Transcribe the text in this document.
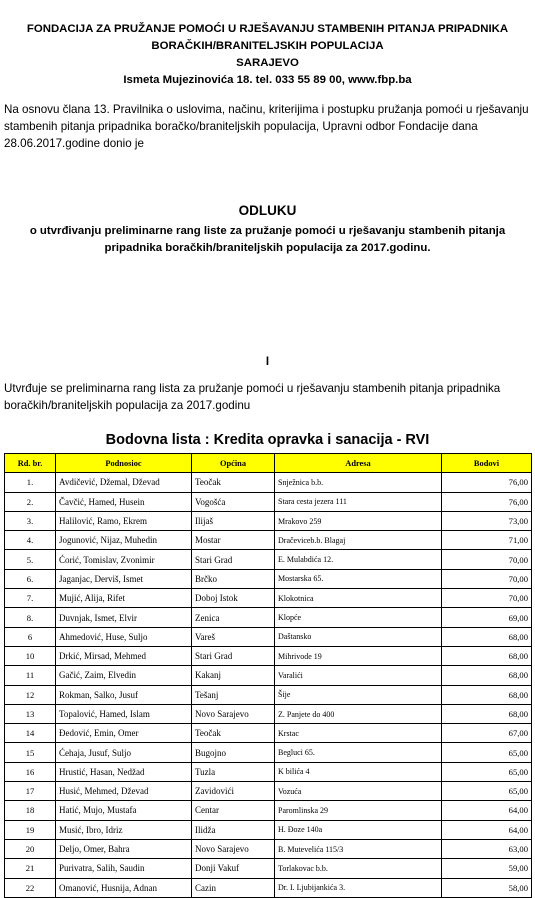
FONDACIJA ZA PRUŽANJE POMOĆI U RJEŠAVANJU STAMBENIH PITANJA PRIPADNIKA
BORAČKIH/BRANITELJSKIH POPULACIJA
SARAJEVO
Ismeta Mujezinovića 18. tel. 033 55 89 00, www.fbp.ba
Na osnovu člana 13. Pravilnika o uslovima, načinu, kriterijima i postupku pružanja pomoći u rješavanju stambenih pitanja pripadnika boračko/braniteljskih populacija, Upravni odbor Fondacije dana 28.06.2017.godine donio je
ODLUKU
o utvrđivanju preliminarne rang liste za pružanje pomoći u rješavanju stambenih pitanja
pripadnika boračkih/braniteljskih populacija za 2017.godinu.
I
Utvrđuje se preliminarna rang lista za pružanje pomoći u rješavanju stambenih pitanja pripadnika boračkih/braniteljskih populacija za 2017.godinu
Bodovna lista : Kredita opravka i sanacija - RVI
Rd. br.	Podnosioc	Općina	Adresa	Bodovi
1.	Avdičević, Džemal, Dževad	Teočak	Snježnica b.b.	76,00
2.	Čavčić, Hamed, Husein	Vogošća	Stara cesta jezera 111	76,00
3.	Halilović, Ramo, Ekrem	Ilijaš	Mrakovo 259	73,00
4.	Jogunović, Nijaz, Muhedin	Mostar	Dračeviceb.b. Blagaj	71,00
5.	Ćorić, Tomislav, Zvonimir	Stari Grad	E. Mulabdića 12.	70,00
6.	Jaganjac, Derviš, Ismet	Brčko	Mostarska 65.	70,00
7.	Mujić, Alija, Rifet	Doboj Istok	Klokotnica	70,00
8.	Duvnjak, Ismet, Elvir	Zenica	Klopće	69,00
6	Ahmedović, Huse, Suljo	Vareš	Daštansko	68,00
10	Drkić, Mirsad, Mehmed	Stari Grad	Mihrivode 19	68,00
11	Gačić, Zaim, Elvedin	Kakanj	Varalići	68,00
12	Rokman, Salko, Jusuf	Tešanj	Šije	68,00
13	Topalović, Hamed, Islam	Novo Sarajevo	Z. Panjete do 400	68,00
14	Đedović, Emin, Omer	Teočak	Krstac	67,00
15	Ćehaja, Jusuf, Suljo	Bugojno	Begluci 65.	65,00
16	Hrustić, Hasan, Nedžad	Tuzla	K bilića 4	65,00
17	Husić, Mehmed, Dževad	Zavidovići	Vozuća	65,00
18	Hatić, Mujo, Mustafa	Centar	Paromlinska 29	64,00
19	Musić, Ibro, Idriz	Ilidža	H. Đoze 140a	64,00
20	Deljo, Omer, Bahra	Novo Sarajevo	B. Mutevelića 115/3	63,00
21	Purivatra, Salih, Saudin	Donji Vakuf	Torlakovac b.b.	59,00
22	Omanović, Husnija, Adnan	Cazin	Dr. I. Ljubijankića 3.	58,00
